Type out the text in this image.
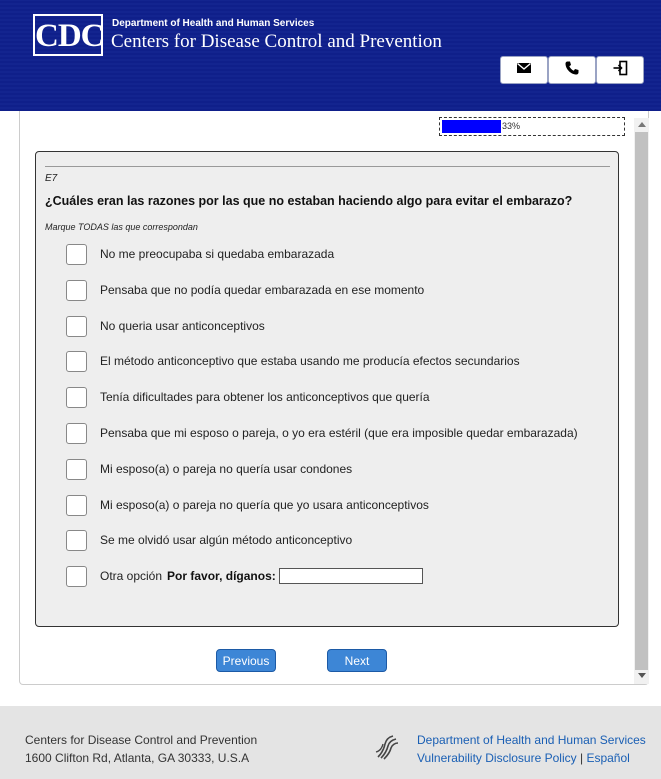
CDC Department of Health and Human Services
Centers for Disease Control and Prevention
33%
E7
¿Cuáles eran las razones por las que no estaban haciendo algo para evitar el embarazo?
Marque TODAS las que correspondan
No me preocupaba si quedaba embarazada
Pensaba que no podía quedar embarazada en ese momento
No queria usar anticonceptivos
El método anticonceptivo que estaba usando me producía efectos secundarios
Tenía dificultades para obtener los anticonceptivos que quería
Pensaba que mi esposo o pareja, o yo era estéril (que era imposible quedar embarazada)
Mi esposo(a) o pareja no quería usar condones
Mi esposo(a) o pareja no quería que yo usara anticonceptivos
Se me olvidó usar algún método anticonceptivo
Otra opción Por favor, díganos:
Previous	Next
Centers for Disease Control and Prevention
1600 Clifton Rd, Atlanta, GA 30333, U.S.A
Department of Health and Human Services
Vulnerability Disclosure Policy | Español
